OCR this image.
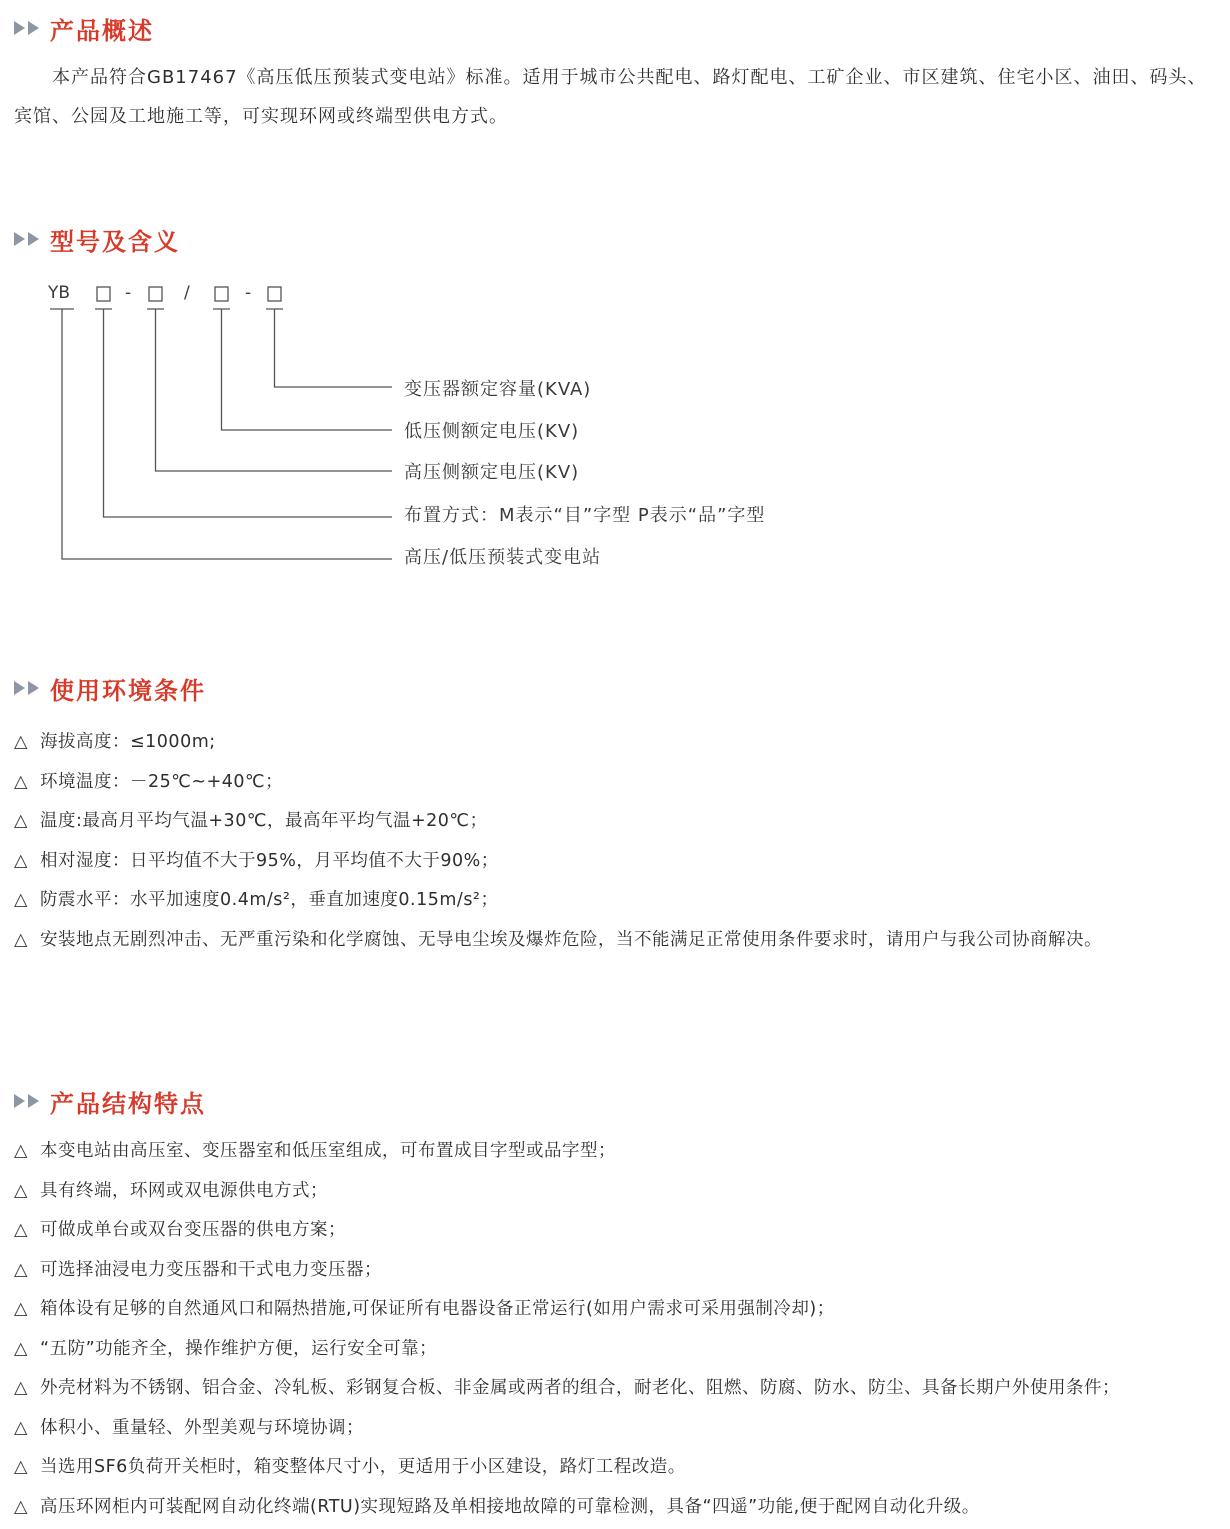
产品概述

本产品符合GB17467《高压低压预装式变电站》标准。适用于城市公共配电、路灯配电、工矿企业、市区建筑、住宅小区、油田、码头、宾馆、公园及工地施工等，可实现环网或终端型供电方式。

型号及含义
YB	-	/	-
变压器额定容量(KVA)
低压侧额定电压(KV)
高压侧额定电压(KV)
布置方式：M表示“目”字型 P表示“品”字型
高压/低压预装式变电站
使用环境条件
△ 海拔高度：≤1000m;
△ 环境温度：－25℃~+40℃；
△ 温度:最高月平均气温+30℃，最高年平均气温+20℃；
△ 相对湿度：日平均值不大于95%，月平均值不大于90%；
△ 防震水平：水平加速度0.4m/s²，垂直加速度0.15m/s²；
△ 安装地点无剧烈冲击、无严重污染和化学腐蚀、无导电尘埃及爆炸危险，当不能满足正常使用条件要求时，请用户与我公司协商解决。
产品结构特点
△ 本变电站由高压室、变压器室和低压室组成，可布置成目字型或品字型；
△ 具有终端，环网或双电源供电方式；
△ 可做成单台或双台变压器的供电方案；
△ 可选择油浸电力变压器和干式电力变压器；
△ 箱体设有足够的自然通风口和隔热措施,可保证所有电器设备正常运行(如用户需求可采用强制冷却)；
△ “五防”功能齐全，操作维护方便，运行安全可靠；
△ 外壳材料为不锈钢、铝合金、冷轧板、彩钢复合板、非金属或两者的组合，耐老化、阻燃、防腐、防水、防尘、具备长期户外使用条件；
△ 体积小、重量轻、外型美观与环境协调；
△ 当选用SF6负荷开关柜时，箱变整体尺寸小，更适用于小区建设，路灯工程改造。
△ 高压环网柜内可装配网自动化终端(RTU)实现短路及单相接地故障的可靠检测，具备“四遥”功能,便于配网自动化升级。
